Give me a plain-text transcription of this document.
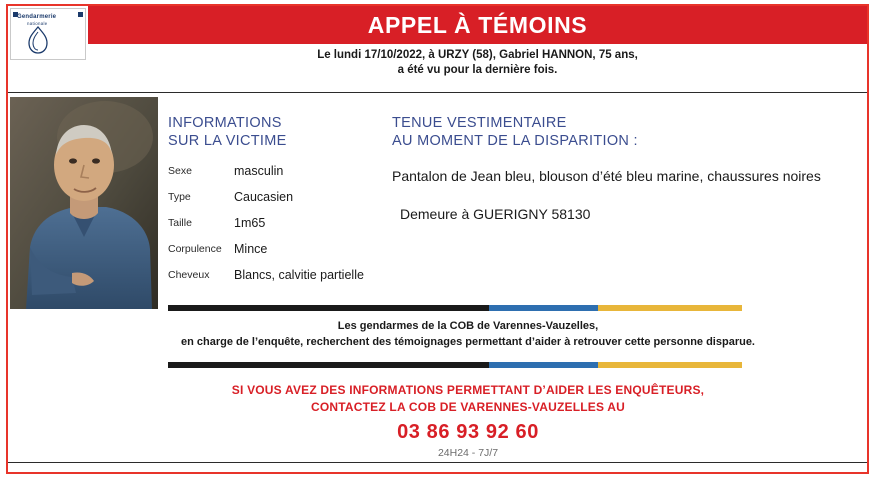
Gendarmerie
nationale	APPEL À TÉMOINS
Le lundi 17/10/2022, à URZY (58), Gabriel HANNON, 75 ans,
a été vu pour la dernière fois.
INFORMATIONS
SUR LA VICTIME
Sexe	masculin
Type	Caucasien
Taille	1m65
Corpulence	Mince
Cheveux	Blancs, calvitie partielle
TENUE VESTIMENTAIRE
AU MOMENT DE LA DISPARITION :
Pantalon de Jean bleu, blouson d’été bleu marine, chaussures noires
Demeure à GUERIGNY 58130
Les gendarmes de la COB de Varennes-Vauzelles,
en charge de l’enquête, recherchent des témoignages permettant d’aider à retrouver cette personne disparue.
SI VOUS AVEZ DES INFORMATIONS PERMETTANT D’AIDER LES ENQUÊTEURS,
CONTACTEZ LA COB DE VARENNES-VAUZELLES AU
03 86 93 92 60
24H24 - 7J/7
